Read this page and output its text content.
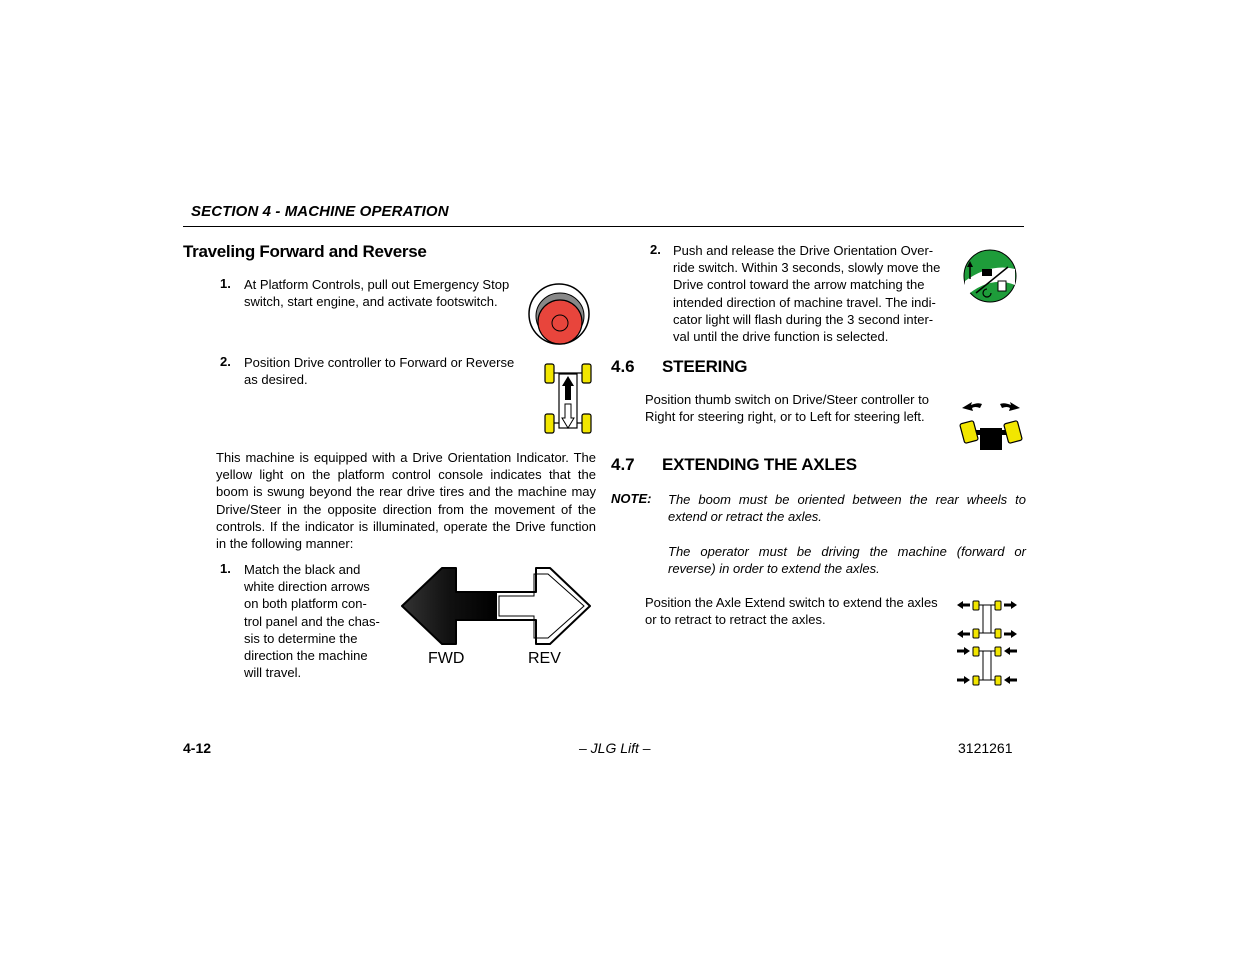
SECTION 4 - MACHINE OPERATION
Traveling Forward and Reverse
1. At Platform Controls, pull out Emergency Stop switch, start engine, and activate footswitch.

2. Position Drive controller to Forward or Reverse as desired.

This machine is equipped with a Drive Orientation Indicator. The yellow light on the platform control console indicates that the boom is swung beyond the rear drive tires and the machine may Drive/Steer in the opposite direction from the movement of the controls. If the indicator is illuminated, operate the Drive function in the following manner:

1. Match the black and white direction arrows on both platform con-trol panel and the chas-sis to determine the direction the machine will travel.

FWD	REV
2. Push and release the Drive Orientation Over-ride switch. Within 3 seconds, slowly move the Drive control toward the arrow matching the intended direction of machine travel. The indi-cator light will flash during the 3 second inter-val until the drive function is selected.

4.6 STEERING

Position thumb switch on Drive/Steer controller to Right for steering right, or to Left for steering left.

4.7 EXTENDING THE AXLES
NOTE: The boom must be oriented between the rear wheels to extend or retract the axles.

The operator must be driving the machine (forward or reverse) in order to extend the axles.

Position the Axle Extend switch to extend the axles or to retract to retract the axles.

4-12	– JLG Lift –	3121261
